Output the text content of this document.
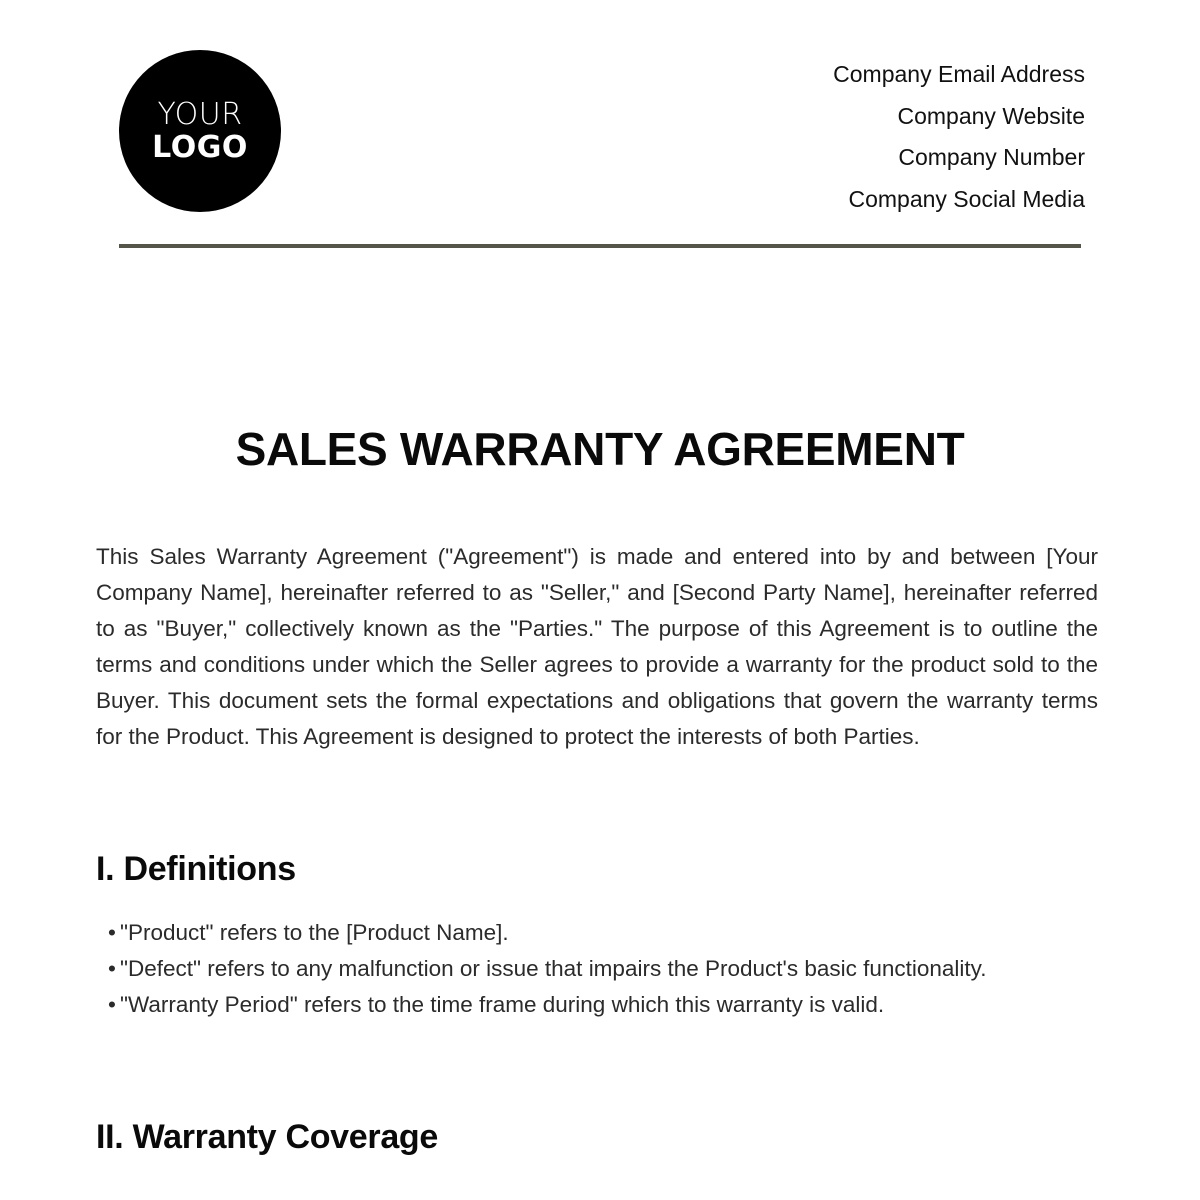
YOUR
LOGO
Company Email Address
Company Website
Company Number
Company Social Media
SALES WARRANTY AGREEMENT

This Sales Warranty Agreement ("Agreement") is made and entered into by and between [Your Company Name], hereinafter referred to as "Seller," and [Second Party Name], hereinafter referred to as "Buyer," collectively known as the "Parties." The purpose of this Agreement is to outline the terms and conditions under which the Seller agrees to provide a warranty for the product sold to the Buyer. This document sets the formal expectations and obligations that govern the warranty terms for the Product. This Agreement is designed to protect the interests of both Parties.

I. Definitions
• "Product" refers to the [Product Name].
• "Defect" refers to any malfunction or issue that impairs the Product's basic functionality.
• "Warranty Period" refers to the time frame during which this warranty is valid.
II. Warranty Coverage
